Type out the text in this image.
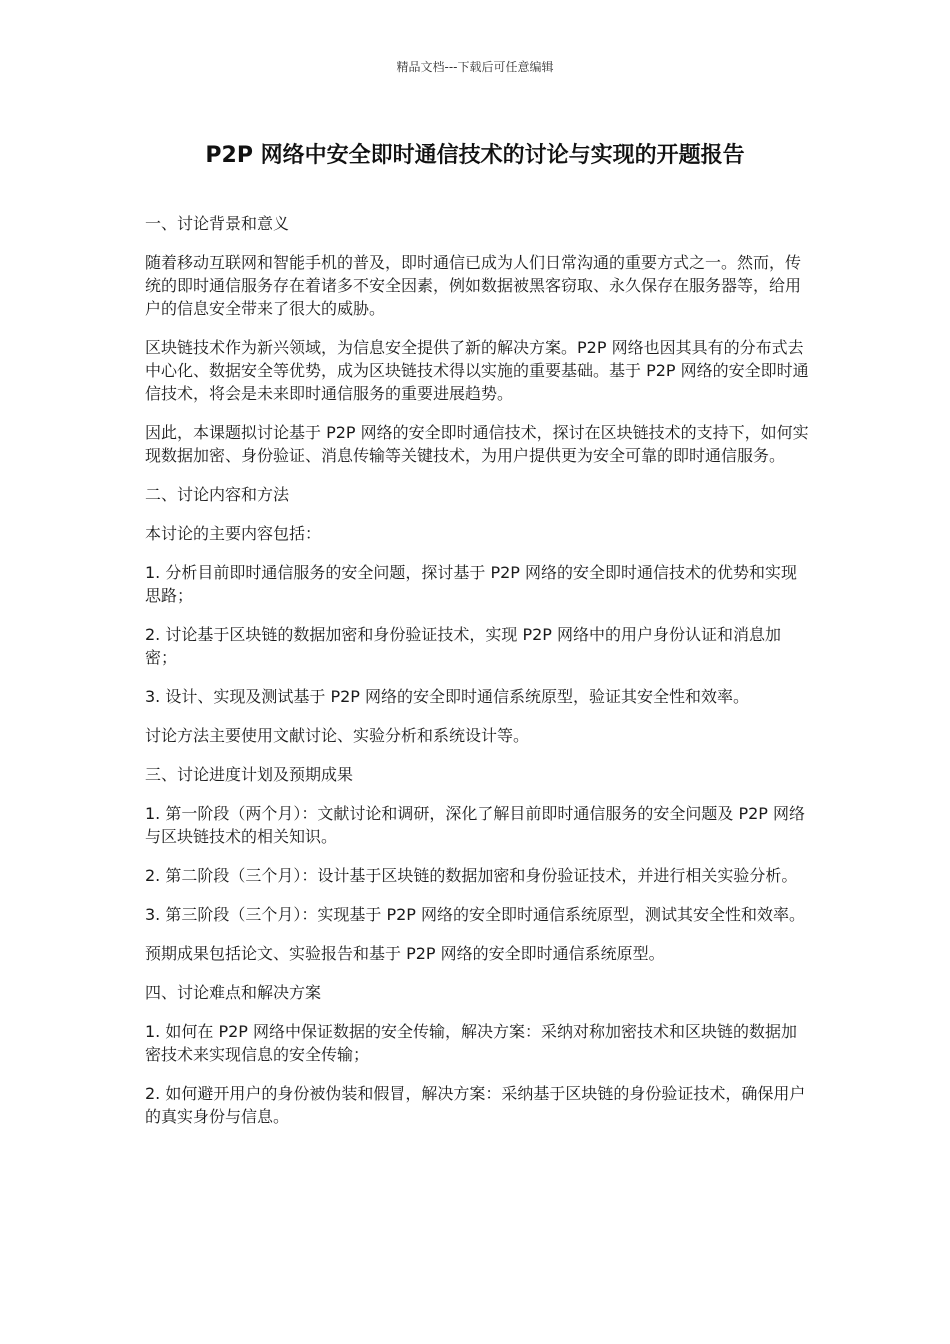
精品文档---下载后可任意编辑
P2P 网络中安全即时通信技术的讨论与实现的开题报告

一、讨论背景和意义

随着移动互联网和智能手机的普及，即时通信已成为人们日常沟通的重要方式之一。然而，传统的即时通信服务存在着诸多不安全因素，例如数据被黑客窃取、永久保存在服务器等，给用户的信息安全带来了很大的威胁。

区块链技术作为新兴领域，为信息安全提供了新的解决方案。P2P 网络也因其具有的分布式去中心化、数据安全等优势，成为区块链技术得以实施的重要基础。基于 P2P 网络的安全即时通信技术，将会是未来即时通信服务的重要进展趋势。

因此，本课题拟讨论基于 P2P 网络的安全即时通信技术，探讨在区块链技术的支持下，如何实现数据加密、身份验证、消息传输等关键技术，为用户提供更为安全可靠的即时通信服务。

二、讨论内容和方法

本讨论的主要内容包括：

1. 分析目前即时通信服务的安全问题，探讨基于 P2P 网络的安全即时通信技术的优势和实现思路；

2. 讨论基于区块链的数据加密和身份验证技术，实现 P2P 网络中的用户身份认证和消息加密；

3. 设计、实现及测试基于 P2P 网络的安全即时通信系统原型，验证其安全性和效率。

讨论方法主要使用文献讨论、实验分析和系统设计等。

三、讨论进度计划及预期成果

1. 第一阶段（两个月）：文献讨论和调研，深化了解目前即时通信服务的安全问题及 P2P 网络与区块链技术的相关知识。

2. 第二阶段（三个月）：设计基于区块链的数据加密和身份验证技术，并进行相关实验分析。

3. 第三阶段（三个月）：实现基于 P2P 网络的安全即时通信系统原型，测试其安全性和效率。

预期成果包括论文、实验报告和基于 P2P 网络的安全即时通信系统原型。

四、讨论难点和解决方案

1. 如何在 P2P 网络中保证数据的安全传输，解决方案：采纳对称加密技术和区块链的数据加密技术来实现信息的安全传输；

2. 如何避开用户的身份被伪装和假冒，解决方案：采纳基于区块链的身份验证技术，确保用户的真实身份与信息。
